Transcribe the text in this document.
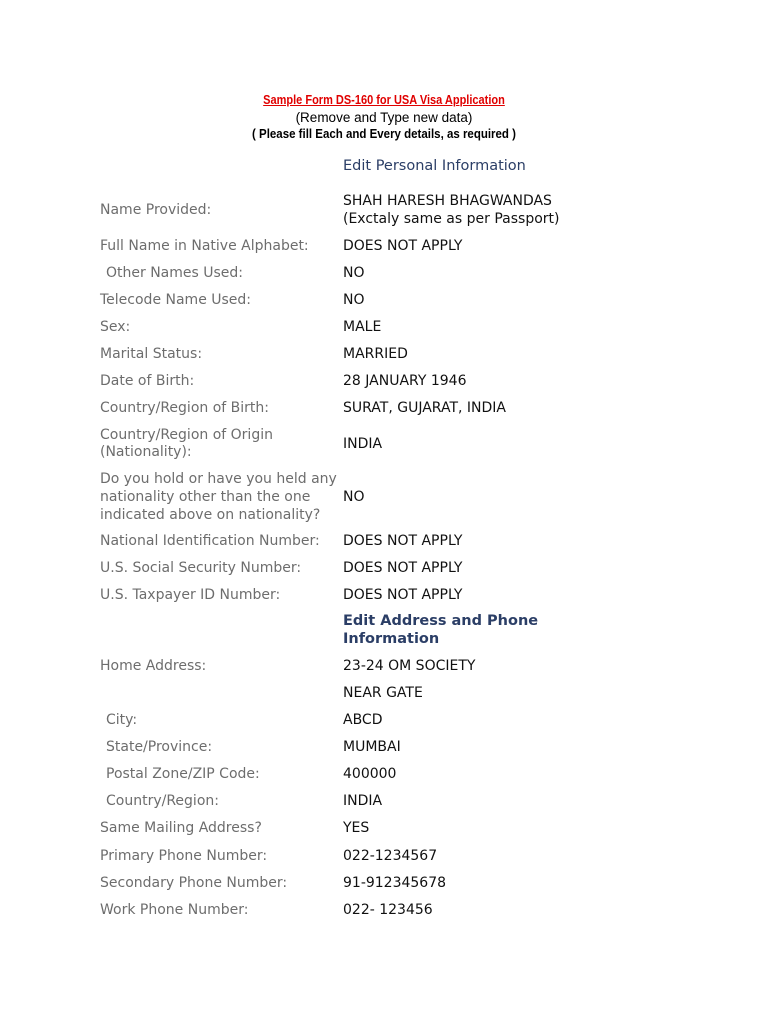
Sample Form DS-160 for USA Visa Application
(Remove and Type new data)
( Please fill Each and Every details, as required )
Edit Personal Information
Name Provided:
SHAH HARESH BHAGWANDAS
(Exctaly same as per Passport)
Full Name in Native Alphabet: DOES NOT APPLY
Other Names Used:	NO
Telecode Name Used:	NO
Sex:	MALE
Marital Status:	MARRIED
Date of Birth:	28 JANUARY 1946
Country/Region of Birth:	SURAT, GUJARAT, INDIA
Country/Region of Origin
(Nationality):	INDIA
Do you hold or have you held any
nationality other than the one
indicated above on nationality?
NO
National Identification Number: DOES NOT APPLY
U.S. Social Security Number:	DOES NOT APPLY
U.S. Taxpayer ID Number:	DOES NOT APPLY
Edit Address and Phone
Information
Home Address:	23-24 OM SOCIETY
NEAR GATE
City:	ABCD
State/Province:	MUMBAI
Postal Zone/ZIP Code:	400000
Country/Region:	INDIA
Same Mailing Address?	YES
Primary Phone Number:	022-1234567
Secondary Phone Number:	91-912345678
Work Phone Number:	022- 123456
